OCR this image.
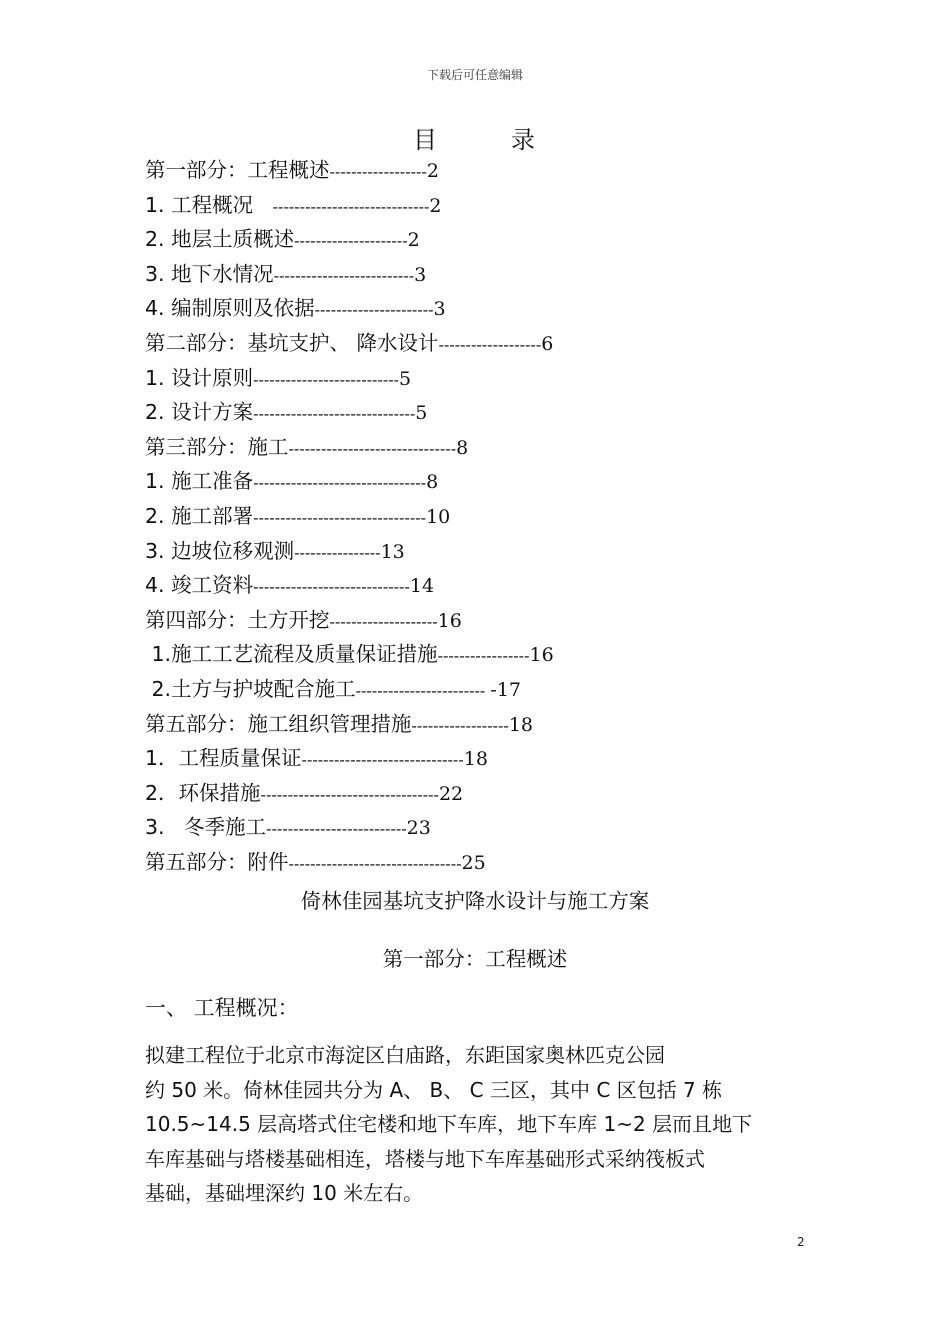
下载后可任意编辑
目	录
第一部分：工程概述------------------2
1. 工程概况   -----------------------------2
2. 地层土质概述---------------------2
3. 地下水情况--------------------------3
4. 编制原则及依据----------------------3
第二部分：基坑支护、 降水设计-------------------6
1. 设计原则---------------------------5
2. 设计方案------------------------------5
第三部分：施工-------------------------------8
1. 施工准备--------------------------------8
2. 施工部署--------------------------------10
3. 边坡位移观测----------------13
4. 竣工资料-----------------------------14
第四部分：土方开挖--------------------16
1.施工工艺流程及质量保证措施-----------------16
2.土方与护坡配合施工------------------------ -17
第五部分：施工组织管理措施------------------18
1．工程质量保证------------------------------18
2．环保措施---------------------------------22
3.   冬季施工--------------------------23
第五部分：附件--------------------------------25
倚林佳园基坑支护降水设计与施工方案
第一部分：工程概述
一、 工程概况：
拟建工程位于北京市海淀区白庙路，东距国家奥林匹克公园
约 50 米。倚林佳园共分为 A、 B、 C 三区，其中 C 区包括 7 栋
10.5~14.5 层高塔式住宅楼和地下车库，地下车库 1~2 层而且地下
车库基础与塔楼基础相连，塔楼与地下车库基础形式采纳筏板式
基础，基础埋深约 10 米左右。
2
